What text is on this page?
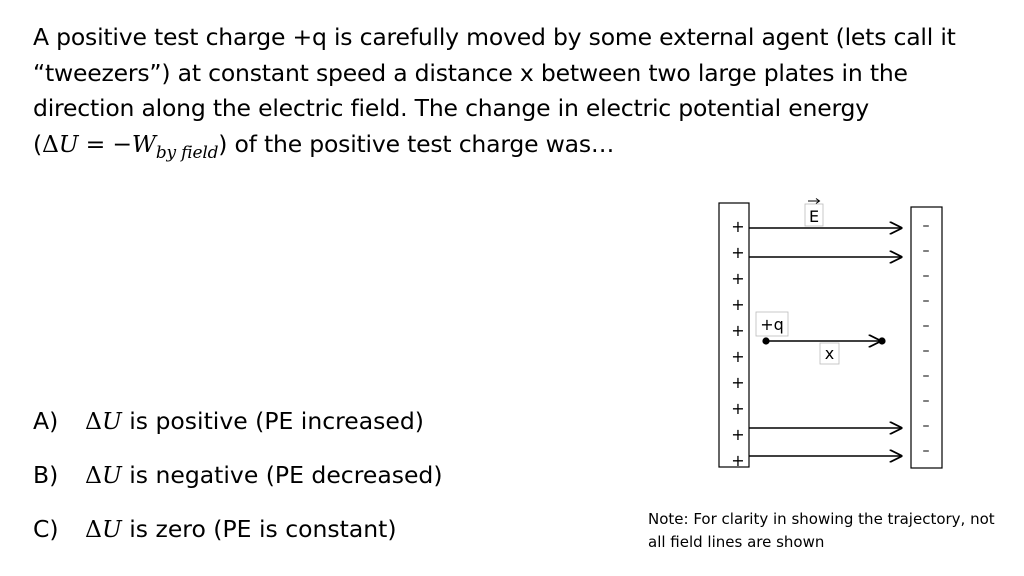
A positive test charge +q is carefully moved by some external agent (lets call it
“tweezers”) at constant speed a distance x between two large plates in the
direction along the electric field. The change in electric potential energy
$(\Delta U = -W_{by field})$ of the positive test charge was…
A) ΔU is positive (PE increased)
B) ΔU is negative (PE decreased)
C) ΔU is zero (PE is constant)
+
+
+
+
+
+
+
+
+
+
–
–
–
–
–
–
–
–
–
–
E
+q
x
Note: For clarity in showing the trajectory, not
all field lines are shown
